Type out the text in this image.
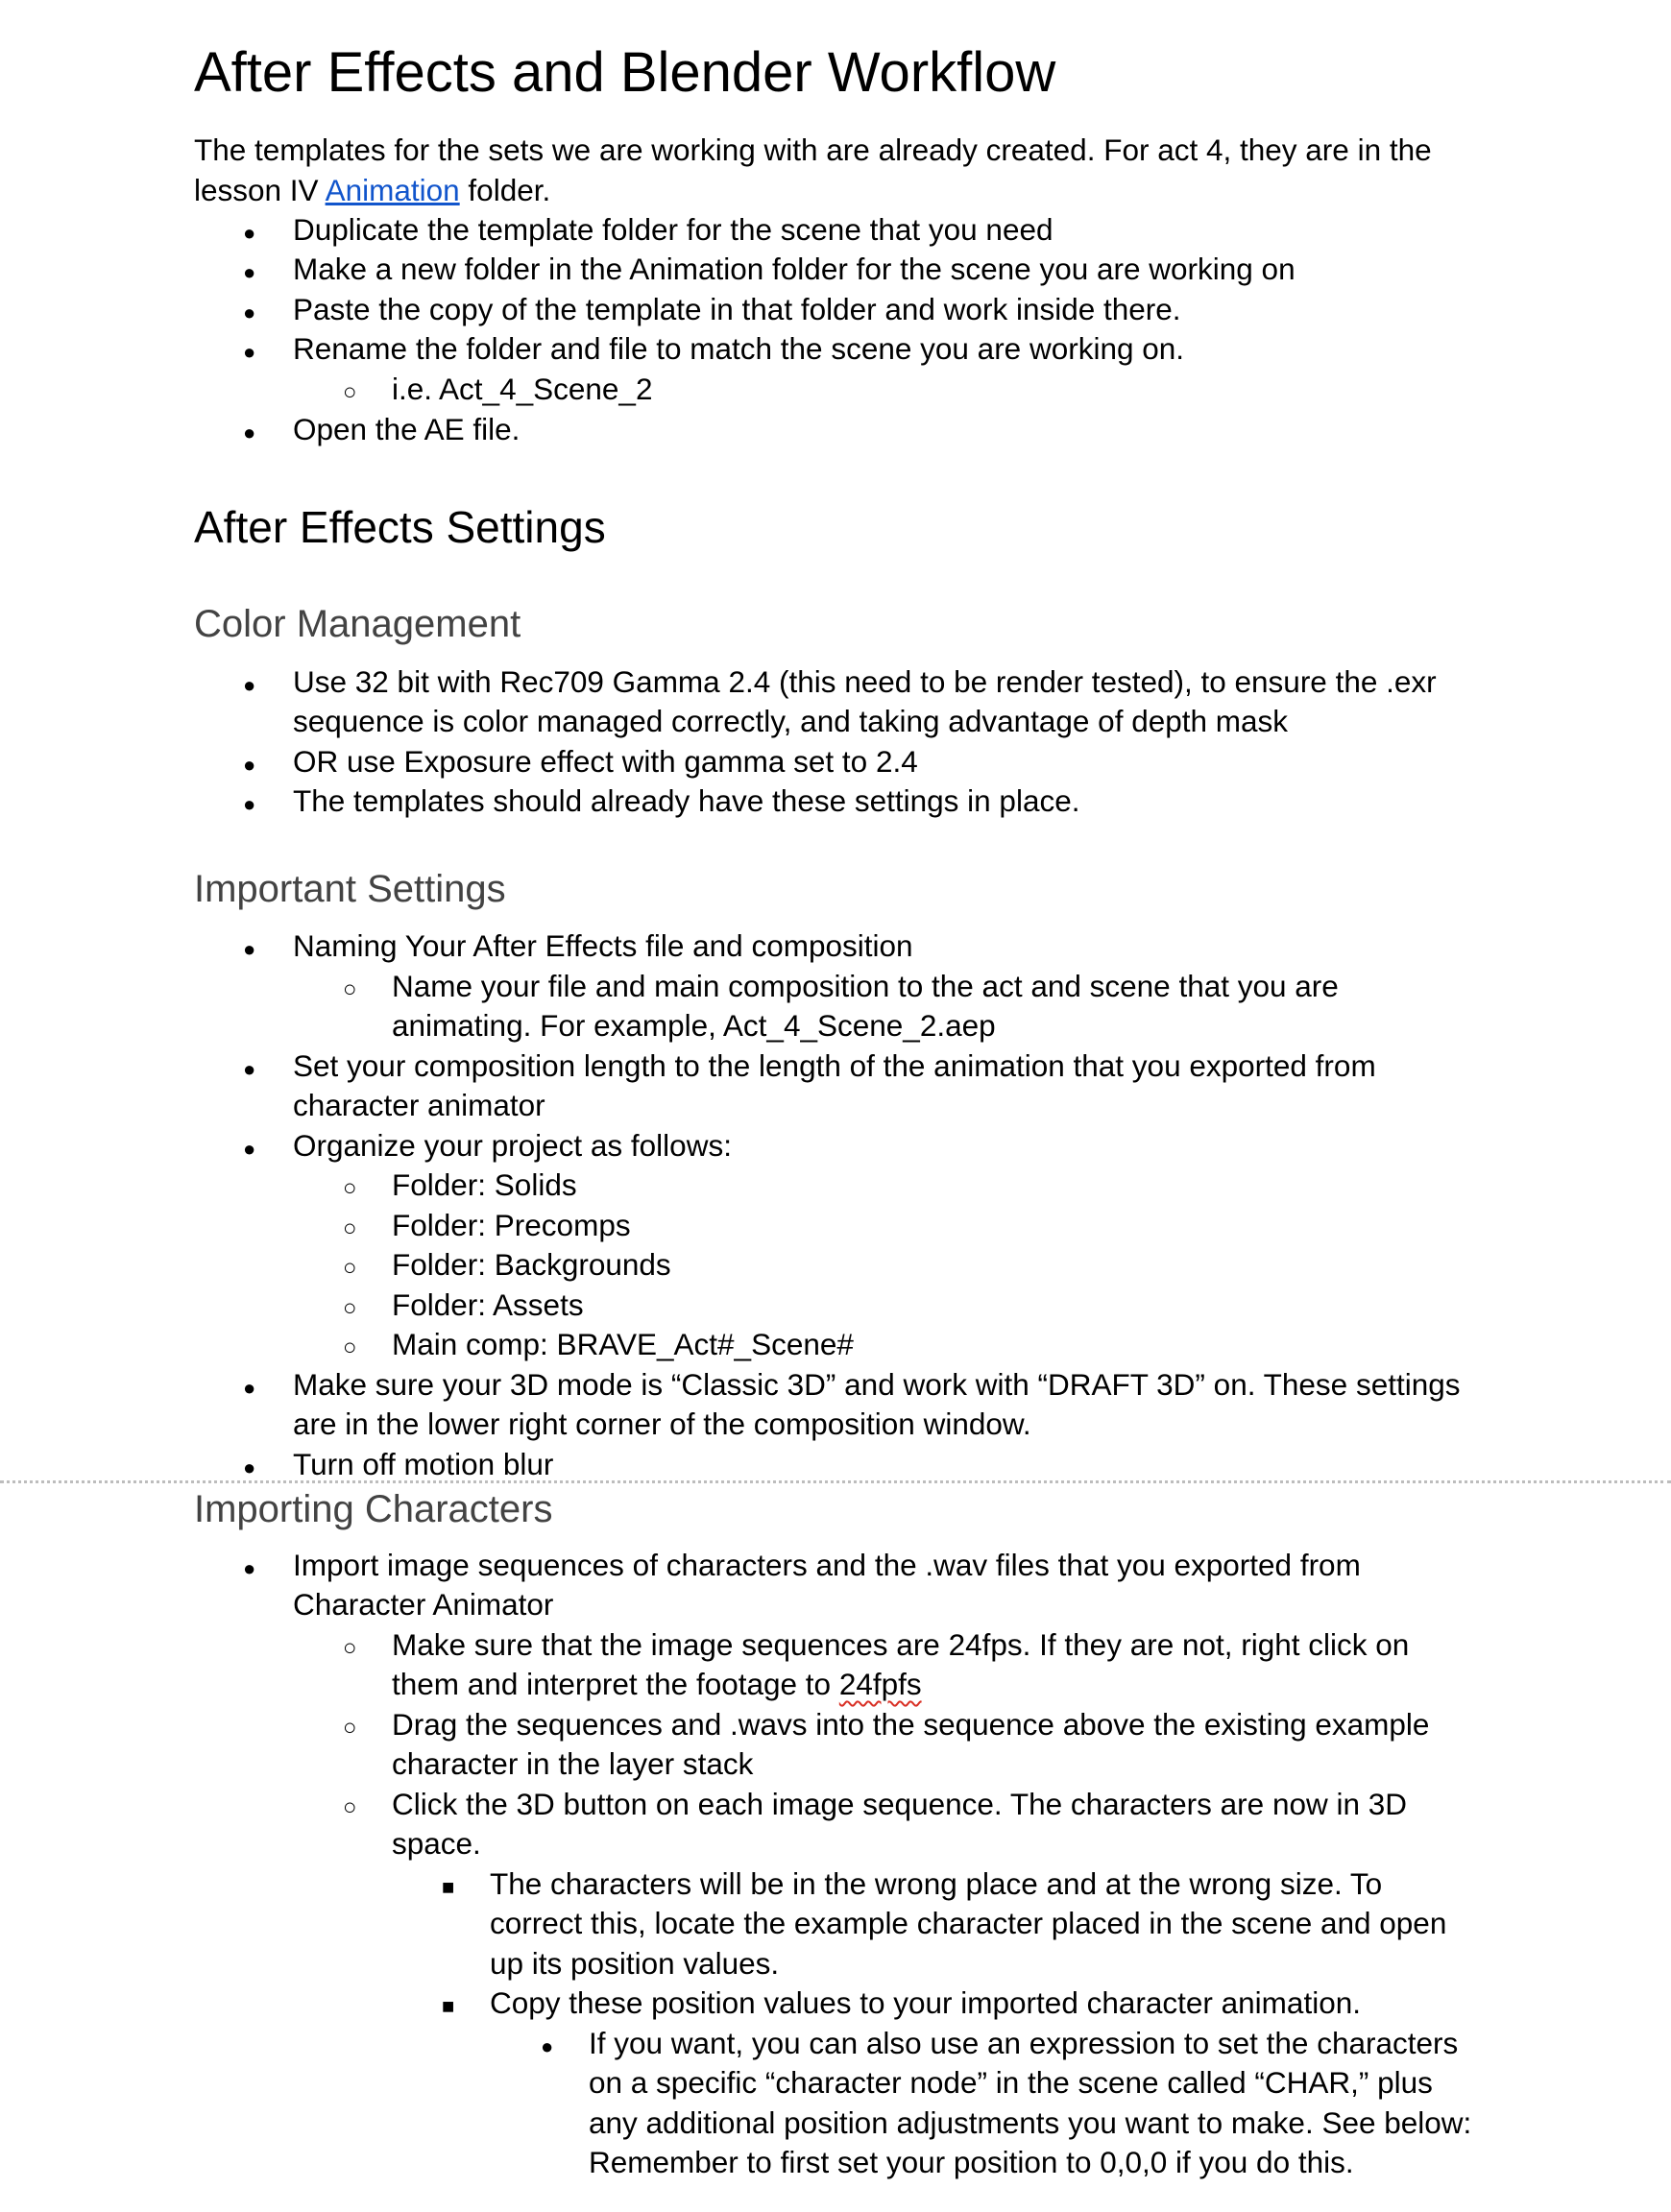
After Effects and Blender Workflow

The templates for the sets we are working with are already created. For act 4, they are in the lesson IV Animation folder.

●
Duplicate the template folder for the scene that you need
●
Make a new folder in the Animation folder for the scene you are working on
●
Paste the copy of the template in that folder and work inside there.
●
Rename the folder and file to match the scene you are working on.
○
i.e. Act_4_Scene_2
●
Open the AE file.
After Effects Settings
Color Management
●
Use 32 bit with Rec709 Gamma 2.4 (this need to be render tested), to ensure the .exr
sequence is color managed correctly, and taking advantage of depth mask
●
OR use Exposure effect with gamma set to 2.4
●
The templates should already have these settings in place.
Important Settings
●
Naming Your After Effects file and composition
○
Name your file and main composition to the act and scene that you are
animating. For example, Act_4_Scene_2.aep
●
Set your composition length to the length of the animation that you exported from
character animator
●
Organize your project as follows:
○
Folder: Solids
○
Folder: Precomps
○
Folder: Backgrounds
○
Folder: Assets
○
Main comp: BRAVE_Act#_Scene#
●
Make sure your 3D mode is “Classic 3D” and work with “DRAFT 3D” on. These settings
are in the lower right corner of the composition window.
●
Turn off motion blur
Importing Characters
●
Import image sequences of characters and the .wav files that you exported from
Character Animator
○
Make sure that the image sequences are 24fps. If they are not, right click on
them and interpret the footage to 24fpfs
○
Drag the sequences and .wavs into the sequence above the existing example
character in the layer stack
○
Click the 3D button on each image sequence. The characters are now in 3D
space.
■
The characters will be in the wrong place and at the wrong size. To
correct this, locate the example character placed in the scene and open
up its position values.
■
Copy these position values to your imported character animation.
●
If you want, you can also use an expression to set the characters
on a specific “character node” in the scene called “CHAR,” plus
any additional position adjustments you want to make. See below:
Remember to first set your position to 0,0,0 if you do this.
